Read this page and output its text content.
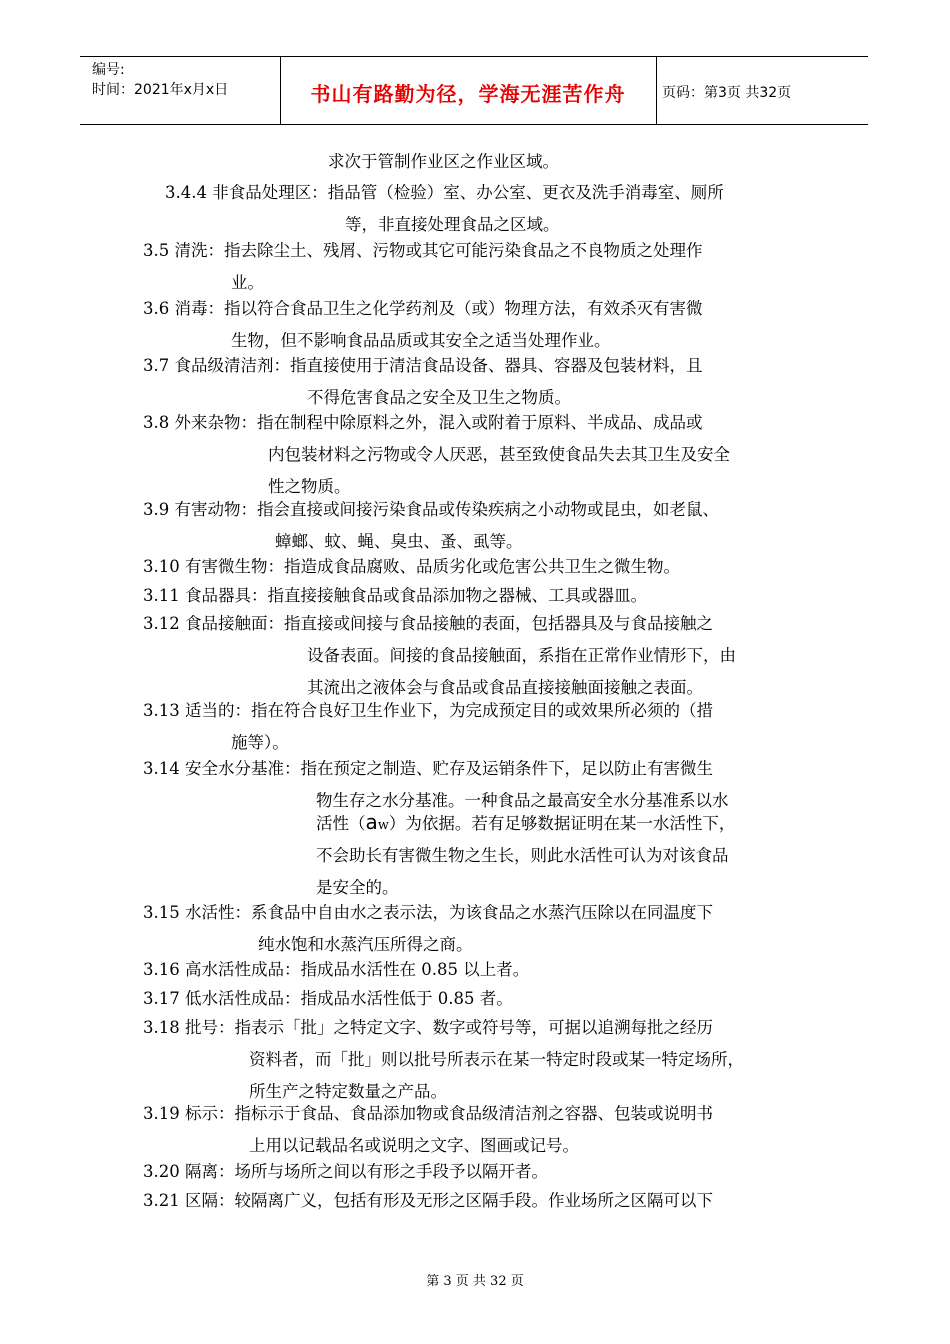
编号:
时间：2021年x月x日	书山有路勤为径，学海无涯苦作舟	页码：第3页 共32页
求次于管制作业区之作业区域。
3.4.4 非食品处理区：指品管（检验）室、办公室、更衣及洗手消毒室、厕所
等，非直接处理食品之区域。
3.5 清洗：指去除尘土、残屑、污物或其它可能污染食品之不良物质之处理作
业。
3.6 消毒：指以符合食品卫生之化学药剂及（或）物理方法，有效杀灭有害微
生物，但不影响食品品质或其安全之适当处理作业。
3.7 食品级清洁剂：指直接使用于清洁食品设备、器具、容器及包装材料，且
不得危害食品之安全及卫生之物质。
3.8 外来杂物：指在制程中除原料之外，混入或附着于原料、半成品、成品或
内包装材料之污物或令人厌恶，甚至致使食品失去其卫生及安全
性之物质。
3.9 有害动物：指会直接或间接污染食品或传染疾病之小动物或昆虫，如老鼠、
蟑螂、蚊、蝇、臭虫、蚤、虱等。
3.10 有害微生物：指造成食品腐败、品质劣化或危害公共卫生之微生物。
3.11 食品器具：指直接接触食品或食品添加物之器械、工具或器皿。
3.12 食品接触面：指直接或间接与食品接触的表面，包括器具及与食品接触之
设备表面。间接的食品接触面，系指在正常作业情形下，由
其流出之液体会与食品或食品直接接触面接触之表面。
3.13 适当的：指在符合良好卫生作业下，为完成预定目的或效果所必须的（措
施等）。
3.14 安全水分基准：指在预定之制造、贮存及运销条件下，足以防止有害微生
物生存之水分基准。一种食品之最高安全水分基准系以水
活性（aw）为依据。若有足够数据证明在某一水活性下，
不会助长有害微生物之生长，则此水活性可认为对该食品
是安全的。
3.15 水活性：系食品中自由水之表示法，为该食品之水蒸汽压除以在同温度下
纯水饱和水蒸汽压所得之商。
3.16 高水活性成品：指成品水活性在 0.85 以上者。
3.17 低水活性成品：指成品水活性低于 0.85 者。
3.18 批号：指表示「批」之特定文字、数字或符号等，可据以追溯每批之经历
资料者，而「批」则以批号所表示在某一特定时段或某一特定场所，
所生产之特定数量之产品。
3.19 标示：指标示于食品、食品添加物或食品级清洁剂之容器、包装或说明书
上用以记载品名或说明之文字、图画或记号。
3.20 隔离：场所与场所之间以有形之手段予以隔开者。
3.21 区隔：较隔离广义，包括有形及无形之区隔手段。作业场所之区隔可以下
第 3 页 共 32 页
